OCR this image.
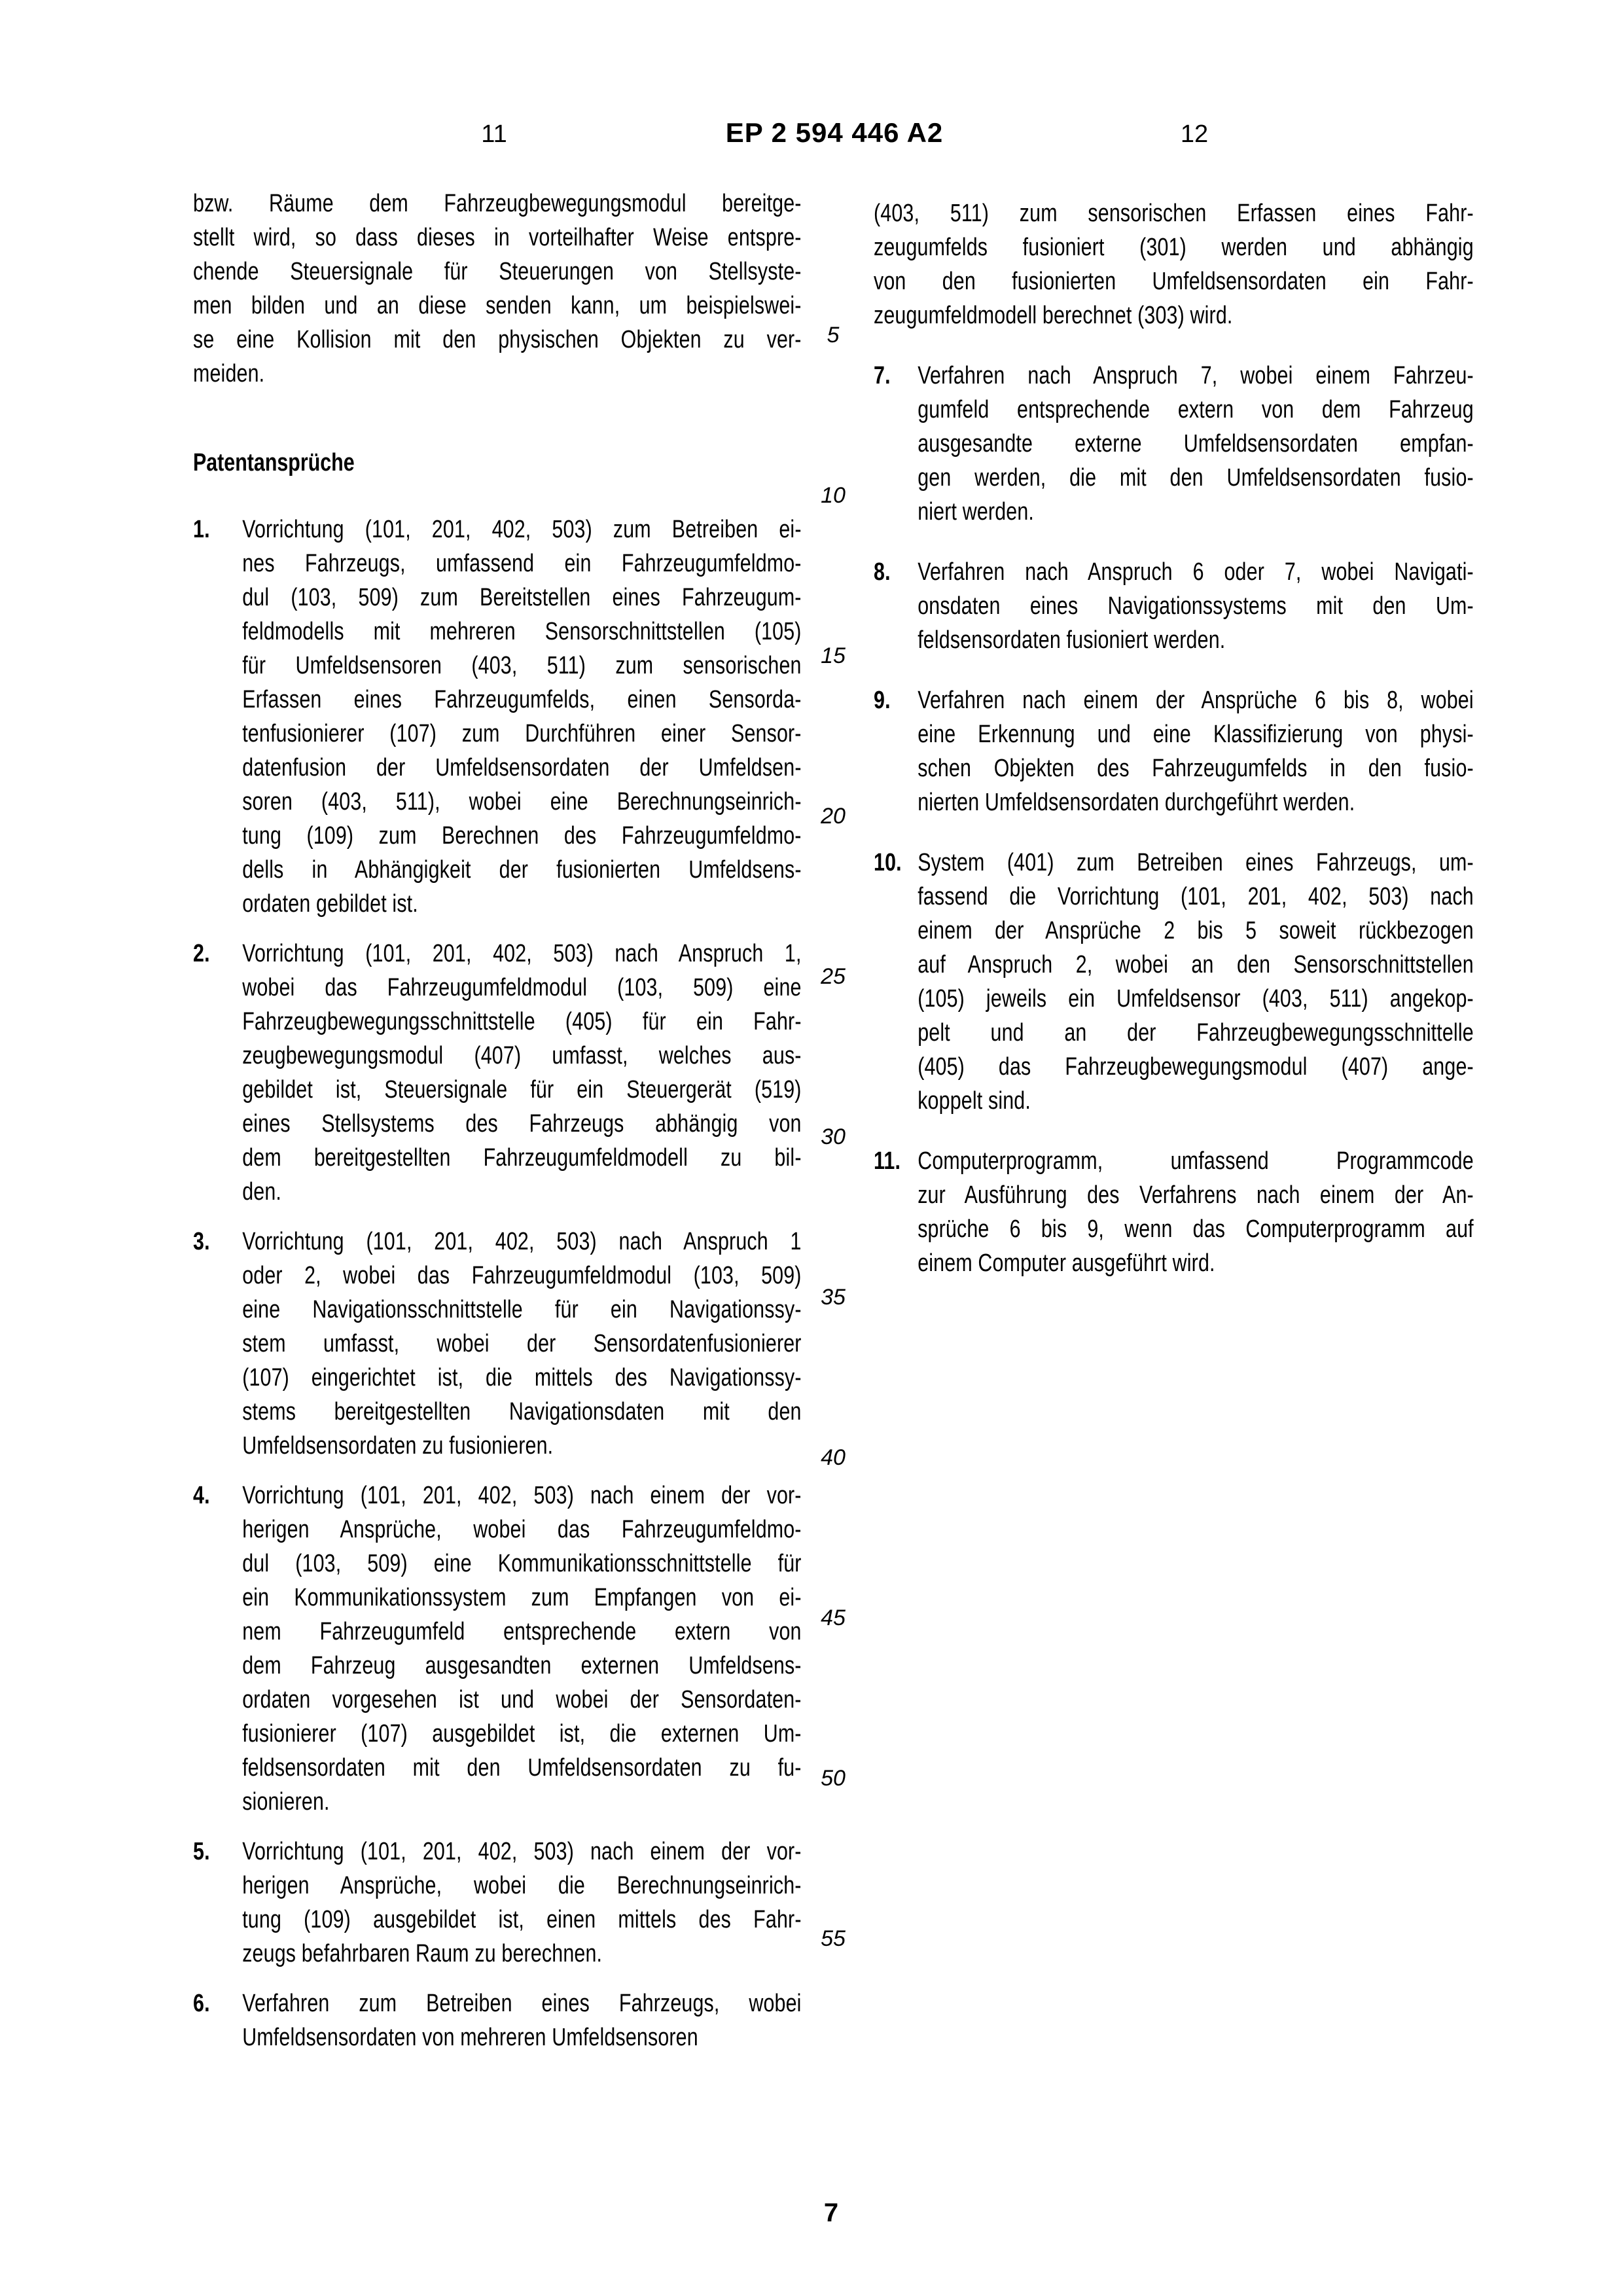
11	EP 2 594 446 A2	12
bzw. Räume dem Fahrzeugbewegungsmodul bereitge-
stellt wird, so dass dieses in vorteilhafter Weise entspre-
chende Steuersignale für Steuerungen von Stellsyste-
men bilden und an diese senden kann, um beispielswei-
se eine Kollision mit den physischen Objekten zu ver-
meiden.
Patentansprüche
1.	Vorrichtung (101, 201, 402, 503) zum Betreiben ei-
nes Fahrzeugs, umfassend ein Fahrzeugumfeldmo-
dul (103, 509) zum Bereitstellen eines Fahrzeugum-
feldmodells mit mehreren Sensorschnittstellen (105)
für Umfeldsensoren (403, 511) zum sensorischen
Erfassen eines Fahrzeugumfelds, einen Sensorda-
tenfusionierer (107) zum Durchführen einer Sensor-
datenfusion der Umfeldsensordaten der Umfeldsen-
soren (403, 511), wobei eine Berechnungseinrich-
tung (109) zum Berechnen des Fahrzeugumfeldmo-
dells in Abhängigkeit der fusionierten Umfeldsens-
ordaten gebildet ist.
2.	Vorrichtung (101, 201, 402, 503) nach Anspruch 1,
wobei das Fahrzeugumfeldmodul (103, 509) eine
Fahrzeugbewegungsschnittstelle (405) für ein Fahr-
zeugbewegungsmodul (407) umfasst, welches aus-
gebildet ist, Steuersignale für ein Steuergerät (519)
eines Stellsystems des Fahrzeugs abhängig von
dem bereitgestellten Fahrzeugumfeldmodell zu bil-
den.
3.	Vorrichtung (101, 201, 402, 503) nach Anspruch 1
oder 2, wobei das Fahrzeugumfeldmodul (103, 509)
eine Navigationsschnittstelle für ein Navigationssy-
stem umfasst, wobei der Sensordatenfusionierer
(107) eingerichtet ist, die mittels des Navigationssy-
stems bereitgestellten Navigationsdaten mit den
Umfeldsensordaten zu fusionieren.
4.	Vorrichtung (101, 201, 402, 503) nach einem der vor-
herigen Ansprüche, wobei das Fahrzeugumfeldmo-
dul (103, 509) eine Kommunikationsschnittstelle für
ein Kommunikationssystem zum Empfangen von ei-
nem Fahrzeugumfeld entsprechende extern von
dem Fahrzeug ausgesandten externen Umfeldsens-
ordaten vorgesehen ist und wobei der Sensordaten-
fusionierer (107) ausgebildet ist, die externen Um-
feldsensordaten mit den Umfeldsensordaten zu fu-
sionieren.
5.	Vorrichtung (101, 201, 402, 503) nach einem der vor-
herigen Ansprüche, wobei die Berechnungseinrich-
tung (109) ausgebildet ist, einen mittels des Fahr-
zeugs befahrbaren Raum zu berechnen.
6.	Verfahren zum Betreiben eines Fahrzeugs, wobei
Umfeldsensordaten von mehreren Umfeldsensoren
(403, 511) zum sensorischen Erfassen eines Fahr-
zeugumfelds fusioniert (301) werden und abhängig
von den fusionierten Umfeldsensordaten ein Fahr-
zeugumfeldmodell berechnet (303) wird.
7.	Verfahren nach Anspruch 7, wobei einem Fahrzeu-
gumfeld entsprechende extern von dem Fahrzeug
ausgesandte externe Umfeldsensordaten empfan-
gen werden, die mit den Umfeldsensordaten fusio-
niert werden.
8.	Verfahren nach Anspruch 6 oder 7, wobei Navigati-
onsdaten eines Navigationssystems mit den Um-
feldsensordaten fusioniert werden.
9.	Verfahren nach einem der Ansprüche 6 bis 8, wobei
eine Erkennung und eine Klassifizierung von physi-
schen Objekten des Fahrzeugumfelds in den fusio-
nierten Umfeldsensordaten durchgeführt werden.
10. System (401) zum Betreiben eines Fahrzeugs, um-
fassend die Vorrichtung (101, 201, 402, 503) nach
einem der Ansprüche 2 bis 5 soweit rückbezogen
auf Anspruch 2, wobei an den Sensorschnittstellen
(105) jeweils ein Umfeldsensor (403, 511) angekop-
pelt und an der Fahrzeugbewegungsschnittelle
(405) das Fahrzeugbewegungsmodul (407) ange-
koppelt sind.
11. Computerprogramm, umfassend Programmcode
zur Ausführung des Verfahrens nach einem der An-
sprüche 6 bis 9, wenn das Computerprogramm auf
einem Computer ausgeführt wird.
5
10
15
20
25
30
35
40
45
50
55
7
